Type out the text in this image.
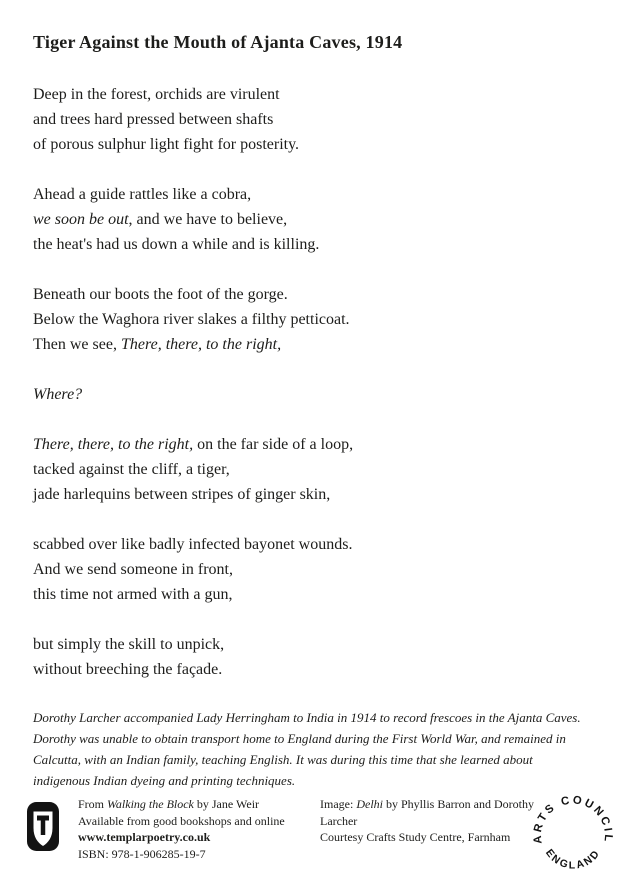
Tiger Against the Mouth of Ajanta Caves, 1914
Deep in the forest, orchids are virulent
and trees hard pressed between shafts
of porous sulphur light fight for posterity.
Ahead a guide rattles like a cobra,
we soon be out, and we have to believe,
the heat's had us down a while and is killing.
Beneath our boots the foot of the gorge.
Below the Waghora river slakes a filthy petticoat.
Then we see, There, there, to the right,
Where?
There, there, to the right, on the far side of a loop,
tacked against the cliff, a tiger,
jade harlequins between stripes of ginger skin,
scabbed over like badly infected bayonet wounds.
And we send someone in front,
this time not armed with a gun,
but simply the skill to unpick,
without breeching the façade.
Dorothy Larcher accompanied Lady Herringham to India in 1914 to record frescoes in the Ajanta Caves.
Dorothy was unable to obtain transport home to England during the First World War, and remained in
Calcutta, with an Indian family, teaching English. It was during this time that she learned about
indigenous Indian dyeing and printing techniques.
From Walking the Block by Jane Weir
Available from good bookshops and online
www.templarpoetry.co.uk
ISBN: 978-1-906285-19-7
Image: Delhi by Phyllis Barron and Dorothy Larcher
Courtesy Crafts Study Centre, Farnham	ARTS COUNCIL
ENGLAND
